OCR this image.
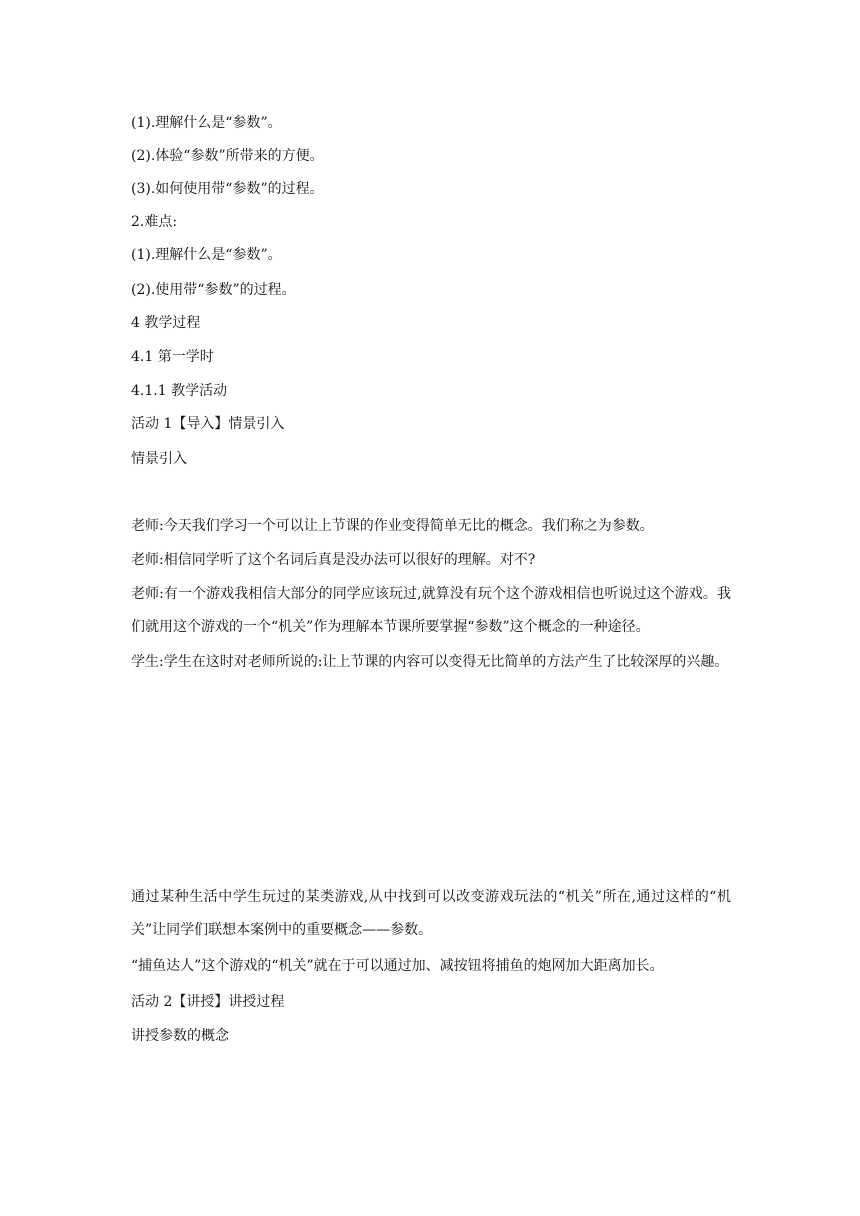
(1).理解什么是“参数”。
(2).体验“参数”所带来的方便。
(3).如何使用带“参数”的过程。
2.难点:
(1).理解什么是“参数”。
(2).使用带“参数”的过程。
4 教学过程
4.1 第一学时
4.1.1 教学活动
活动 1【导入】情景引入
情景引入
老师:今天我们学习一个可以让上节课的作业变得简单无比的概念。我们称之为参数。
老师:相信同学听了这个名词后真是没办法可以很好的理解。对不?
老师:有一个游戏我相信大部分的同学应该玩过,就算没有玩个这个游戏相信也听说过这个游戏。我们就用这个游戏的一个“机关”作为理解本节课所要掌握“参数”这个概念的一种途径。
学生:学生在这时对老师所说的:让上节课的内容可以变得无比简单的方法产生了比较深厚的兴趣。
通过某种生活中学生玩过的某类游戏,从中找到可以改变游戏玩法的“机关”所在,通过这样的“机关”让同学们联想本案例中的重要概念——参数。
“捕鱼达人”这个游戏的“机关”就在于可以通过加、减按钮将捕鱼的炮网加大距离加长。
活动 2【讲授】讲授过程
讲授参数的概念
